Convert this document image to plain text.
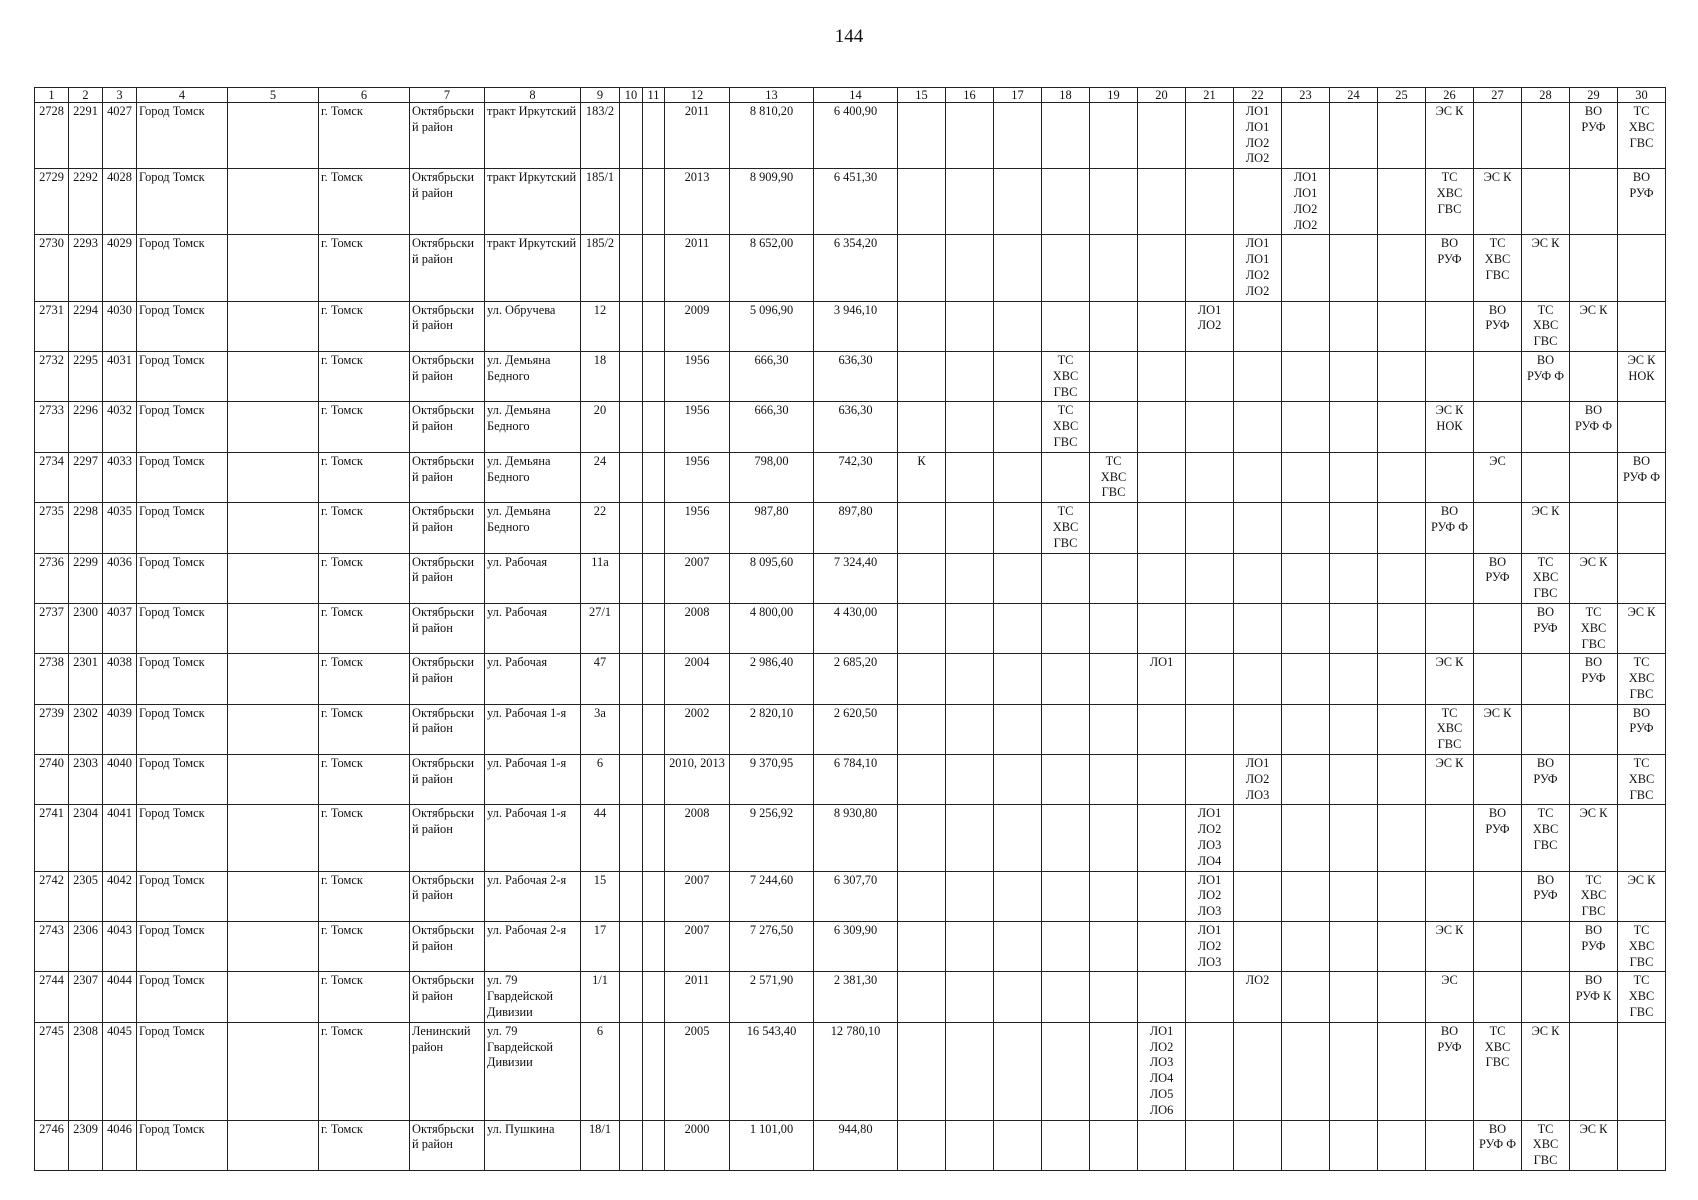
144
1	2	3	4	5	6	7	8	9	10	11	12	13	14	15	16	17	18	19	20	21	22	23	24	25	26	27	28	29	30
2728	2291	4027	Город Томск		г. Томск	Октябрьски й район	тракт Иркутский	183/2			2011	8 810,20	6 400,90								ЛО1 ЛО1 ЛО2 ЛО2				ЭС К			ВО РУФ	ТС ХВС ГВС
2729	2292	4028	Город Томск		г. Томск	Октябрьски й район	тракт Иркутский	185/1			2013	8 909,90	6 451,30									ЛО1 ЛО1 ЛО2 ЛО2			ТС ХВС ГВС	ЭС К			ВО РУФ
2730	2293	4029	Город Томск		г. Томск	Октябрьски й район	тракт Иркутский	185/2			2011	8 652,00	6 354,20								ЛО1 ЛО1 ЛО2 ЛО2				ВО РУФ	ТС ХВС ГВС	ЭС К		
2731	2294	4030	Город Томск		г. Томск	Октябрьски й район	ул. Обручева	12			2009	5 096,90	3 946,10							ЛО1 ЛО2						ВО РУФ	ТС ХВС ГВС	ЭС К	
2732	2295	4031	Город Томск		г. Томск	Октябрьски й район	ул. Демьяна Бедного	18			1956	666,30	636,30				ТС ХВС ГВС										ВО РУФ Ф		ЭС К НОК
2733	2296	4032	Город Томск		г. Томск	Октябрьски й район	ул. Демьяна Бедного	20			1956	666,30	636,30				ТС ХВС ГВС								ЭС К НОК			ВО РУФ Ф	
2734	2297	4033	Город Томск		г. Томск	Октябрьски й район	ул. Демьяна Бедного	24			1956	798,00	742,30	К				ТС ХВС ГВС								ЭС			ВО РУФ Ф
2735	2298	4035	Город Томск		г. Томск	Октябрьски й район	ул. Демьяна Бедного	22			1956	987,80	897,80				ТС ХВС ГВС								ВО РУФ Ф		ЭС К		
2736	2299	4036	Город Томск		г. Томск	Октябрьски й район	ул. Рабочая	11а			2007	8 095,60	7 324,40													ВО РУФ	ТС ХВС ГВС	ЭС К	
2737	2300	4037	Город Томск		г. Томск	Октябрьски й район	ул. Рабочая	27/1			2008	4 800,00	4 430,00														ВО РУФ	ТС ХВС ГВС	ЭС К
2738	2301	4038	Город Томск		г. Томск	Октябрьски й район	ул. Рабочая	47			2004	2 986,40	2 685,20						ЛО1						ЭС К			ВО РУФ	ТС ХВС ГВС
2739	2302	4039	Город Томск		г. Томск	Октябрьски й район	ул. Рабочая 1-я	3а			2002	2 820,10	2 620,50												ТС ХВС ГВС	ЭС К			ВО РУФ
2740	2303	4040	Город Томск		г. Томск	Октябрьски й район	ул. Рабочая 1-я	6			2010, 2013	9 370,95	6 784,10								ЛО1 ЛО2 ЛО3				ЭС К		ВО РУФ		ТС ХВС ГВС
2741	2304	4041	Город Томск		г. Томск	Октябрьски й район	ул. Рабочая 1-я	44			2008	9 256,92	8 930,80							ЛО1 ЛО2 ЛО3 ЛО4						ВО РУФ	ТС ХВС ГВС	ЭС К	
2742	2305	4042	Город Томск		г. Томск	Октябрьски й район	ул. Рабочая 2-я	15			2007	7 244,60	6 307,70							ЛО1 ЛО2 ЛО3							ВО РУФ	ТС ХВС ГВС	ЭС К
2743	2306	4043	Город Томск		г. Томск	Октябрьски й район	ул. Рабочая 2-я	17			2007	7 276,50	6 309,90							ЛО1 ЛО2 ЛО3					ЭС К			ВО РУФ	ТС ХВС ГВС
2744	2307	4044	Город Томск		г. Томск	Октябрьски й район	ул. 79 Гвардейской Дивизии	1/1			2011	2 571,90	2 381,30								ЛО2				ЭС			ВО РУФ К	ТС ХВС ГВС
2745	2308	4045	Город Томск		г. Томск	Ленинский район	ул. 79 Гвардейской Дивизии	6			2005	16 543,40	12 780,10						ЛО1 ЛО2 ЛО3 ЛО4 ЛО5 ЛО6						ВО РУФ	ТС ХВС ГВС	ЭС К		
2746	2309	4046	Город Томск		г. Томск	Октябрьски й район	ул. Пушкина	18/1			2000	1 101,00	944,80													ВО РУФ Ф	ТС ХВС ГВС	ЭС К	
